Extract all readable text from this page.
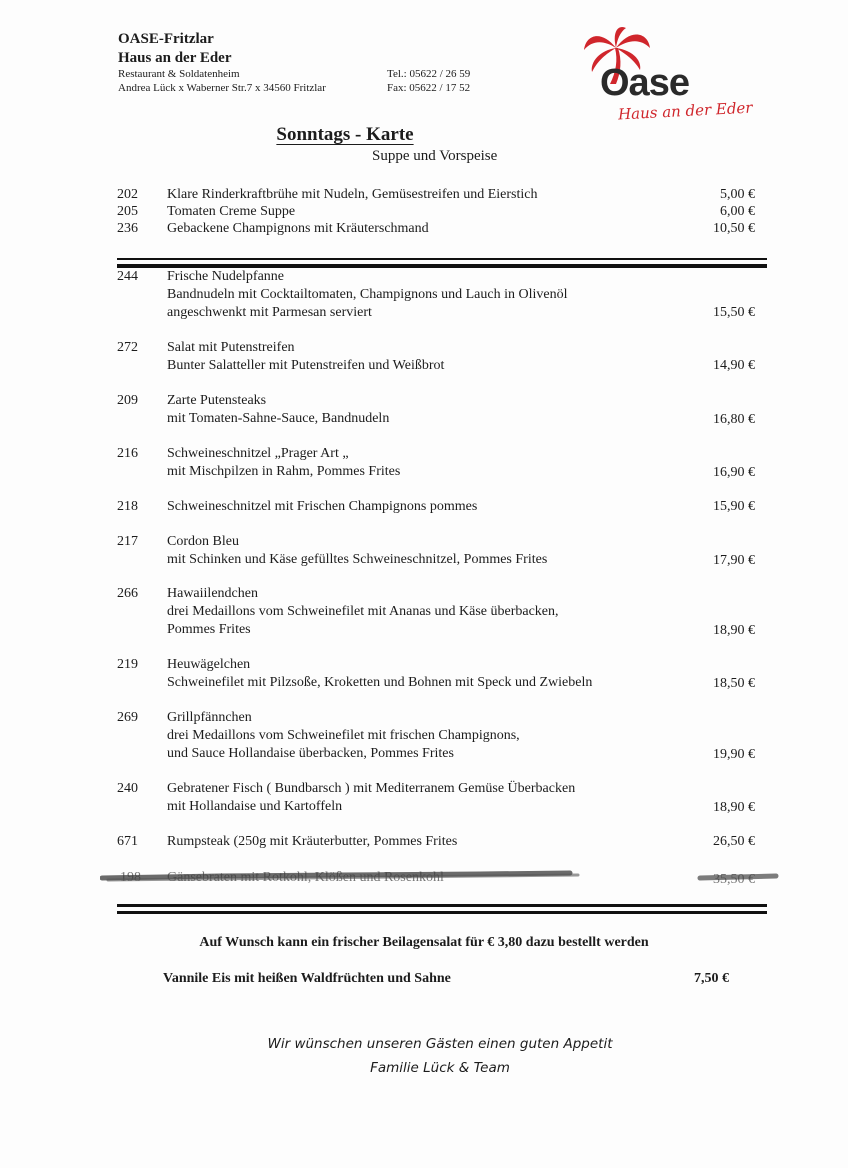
OASE-Fritzlar
Haus an der Eder
Restaurant & Soldatenheim
Andrea Lück x Waberner Str.7 x 34560 Fritzlar
Tel.: 05622 / 26 59
Fax: 05622 / 17 52	Oase
Haus an der Eder
Sonntags - Karte
Suppe und Vorspeise
202 Klare Rinderkraftbrühe mit Nudeln, Gemüsestreifen und Eierstich	5,00 €
205 Tomaten Creme Suppe	6,00 €
236 Gebackene Champignons mit Kräuterschmand	10,50 €
244 Frische Nudelpfanne
Bandnudeln mit Cocktailtomaten, Champignons und Lauch in Olivenöl
angeschwenkt mit Parmesan serviert	15,50 €
272 Salat mit Putenstreifen
Bunter Salatteller mit Putenstreifen und Weißbrot	14,90 €
209 Zarte Putensteaks
mit Tomaten-Sahne-Sauce, Bandnudeln	16,80 €
216 Schweineschnitzel „Prager Art „
mit Mischpilzen in Rahm, Pommes Frites	16,90 €
218 Schweineschnitzel mit Frischen Champignons pommes	15,90 €
217 Cordon Bleu
mit Schinken und Käse gefülltes Schweineschnitzel, Pommes Frites	17,90 €
266 Hawaiilendchen
drei Medaillons vom Schweinefilet mit Ananas und Käse überbacken,
Pommes Frites	18,90 €
219 Heuwägelchen
Schweinefilet mit Pilzsoße, Kroketten und Bohnen mit Speck und Zwiebeln	18,50 €
269 Grillpfännchen
drei Medaillons vom Schweinefilet mit frischen Champignons,
und Sauce Hollandaise überbacken, Pommes Frites	19,90 €
240 Gebratener Fisch ( Bundbarsch ) mit Mediterranem Gemüse Überbacken
mit Hollandaise und Kartoffeln	18,90 €
671 Rumpsteak (250g mit Kräuterbutter, Pommes Frites	26,50 €
198 Gänsebraten mit Rotkohl, Klößen und Rosenkohl	35,50 €
Auf Wunsch kann ein frischer Beilagensalat für € 3,80 dazu bestellt werden
Vannile Eis mit heißen Waldfrüchten und Sahne	7,50 €
Wir wünschen unseren Gästen einen guten Appetit
Familie Lück & Team
